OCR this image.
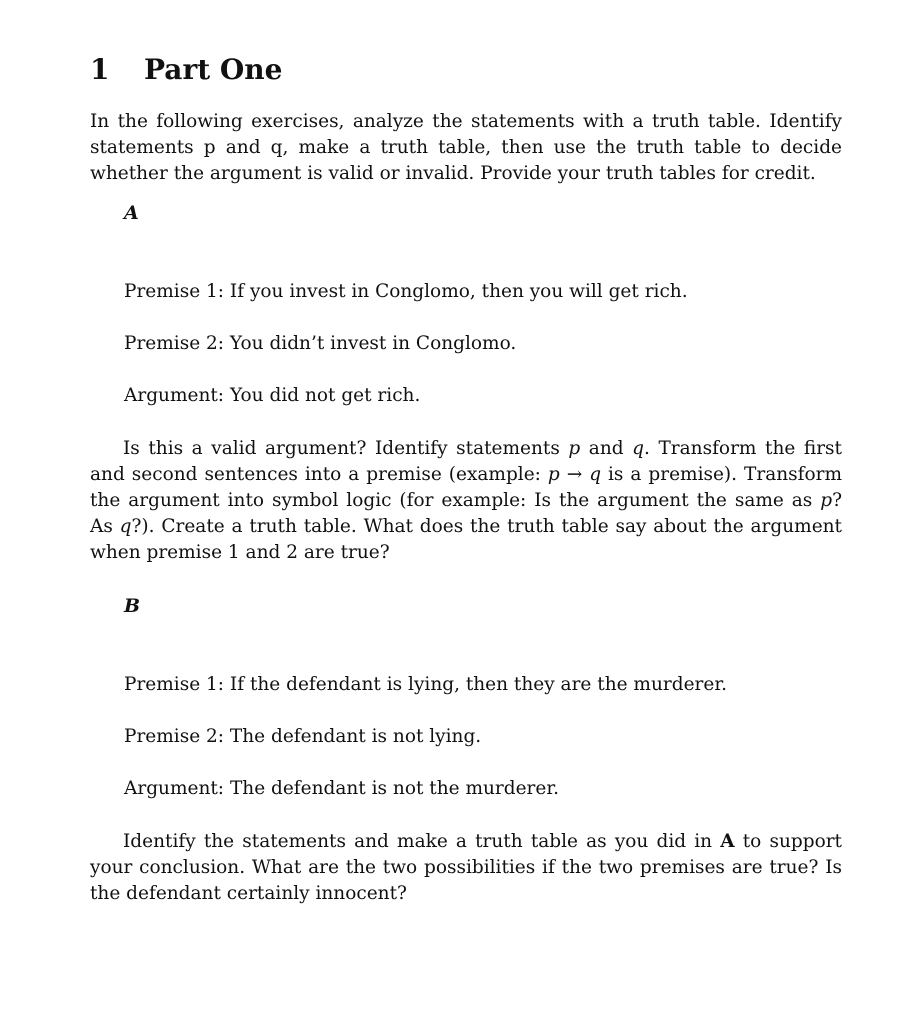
1 Part One

In the following exercises, analyze the statements with a truth table. Identify statements p and q, make a truth table, then use the truth table to decide whether the argument is valid or invalid. Provide your truth tables for credit.

A

Premise 1: If you invest in Conglomo, then you will get rich.

Premise 2: You didn’t invest in Conglomo.

Argument: You did not get rich.

Is this a valid argument? Identify statements p and q. Transform the first and second sentences into a premise (example: p → q is a premise). Transform the argument into symbol logic (for example: Is the argument the same as p? As q?). Create a truth table. What does the truth table say about the argument when premise 1 and 2 are true?

B

Premise 1: If the defendant is lying, then they are the murderer.

Premise 2: The defendant is not lying.

Argument: The defendant is not the murderer.

Identify the statements and make a truth table as you did in A to support your conclusion. What are the two possibilities if the two premises are true? Is the defendant certainly innocent?
